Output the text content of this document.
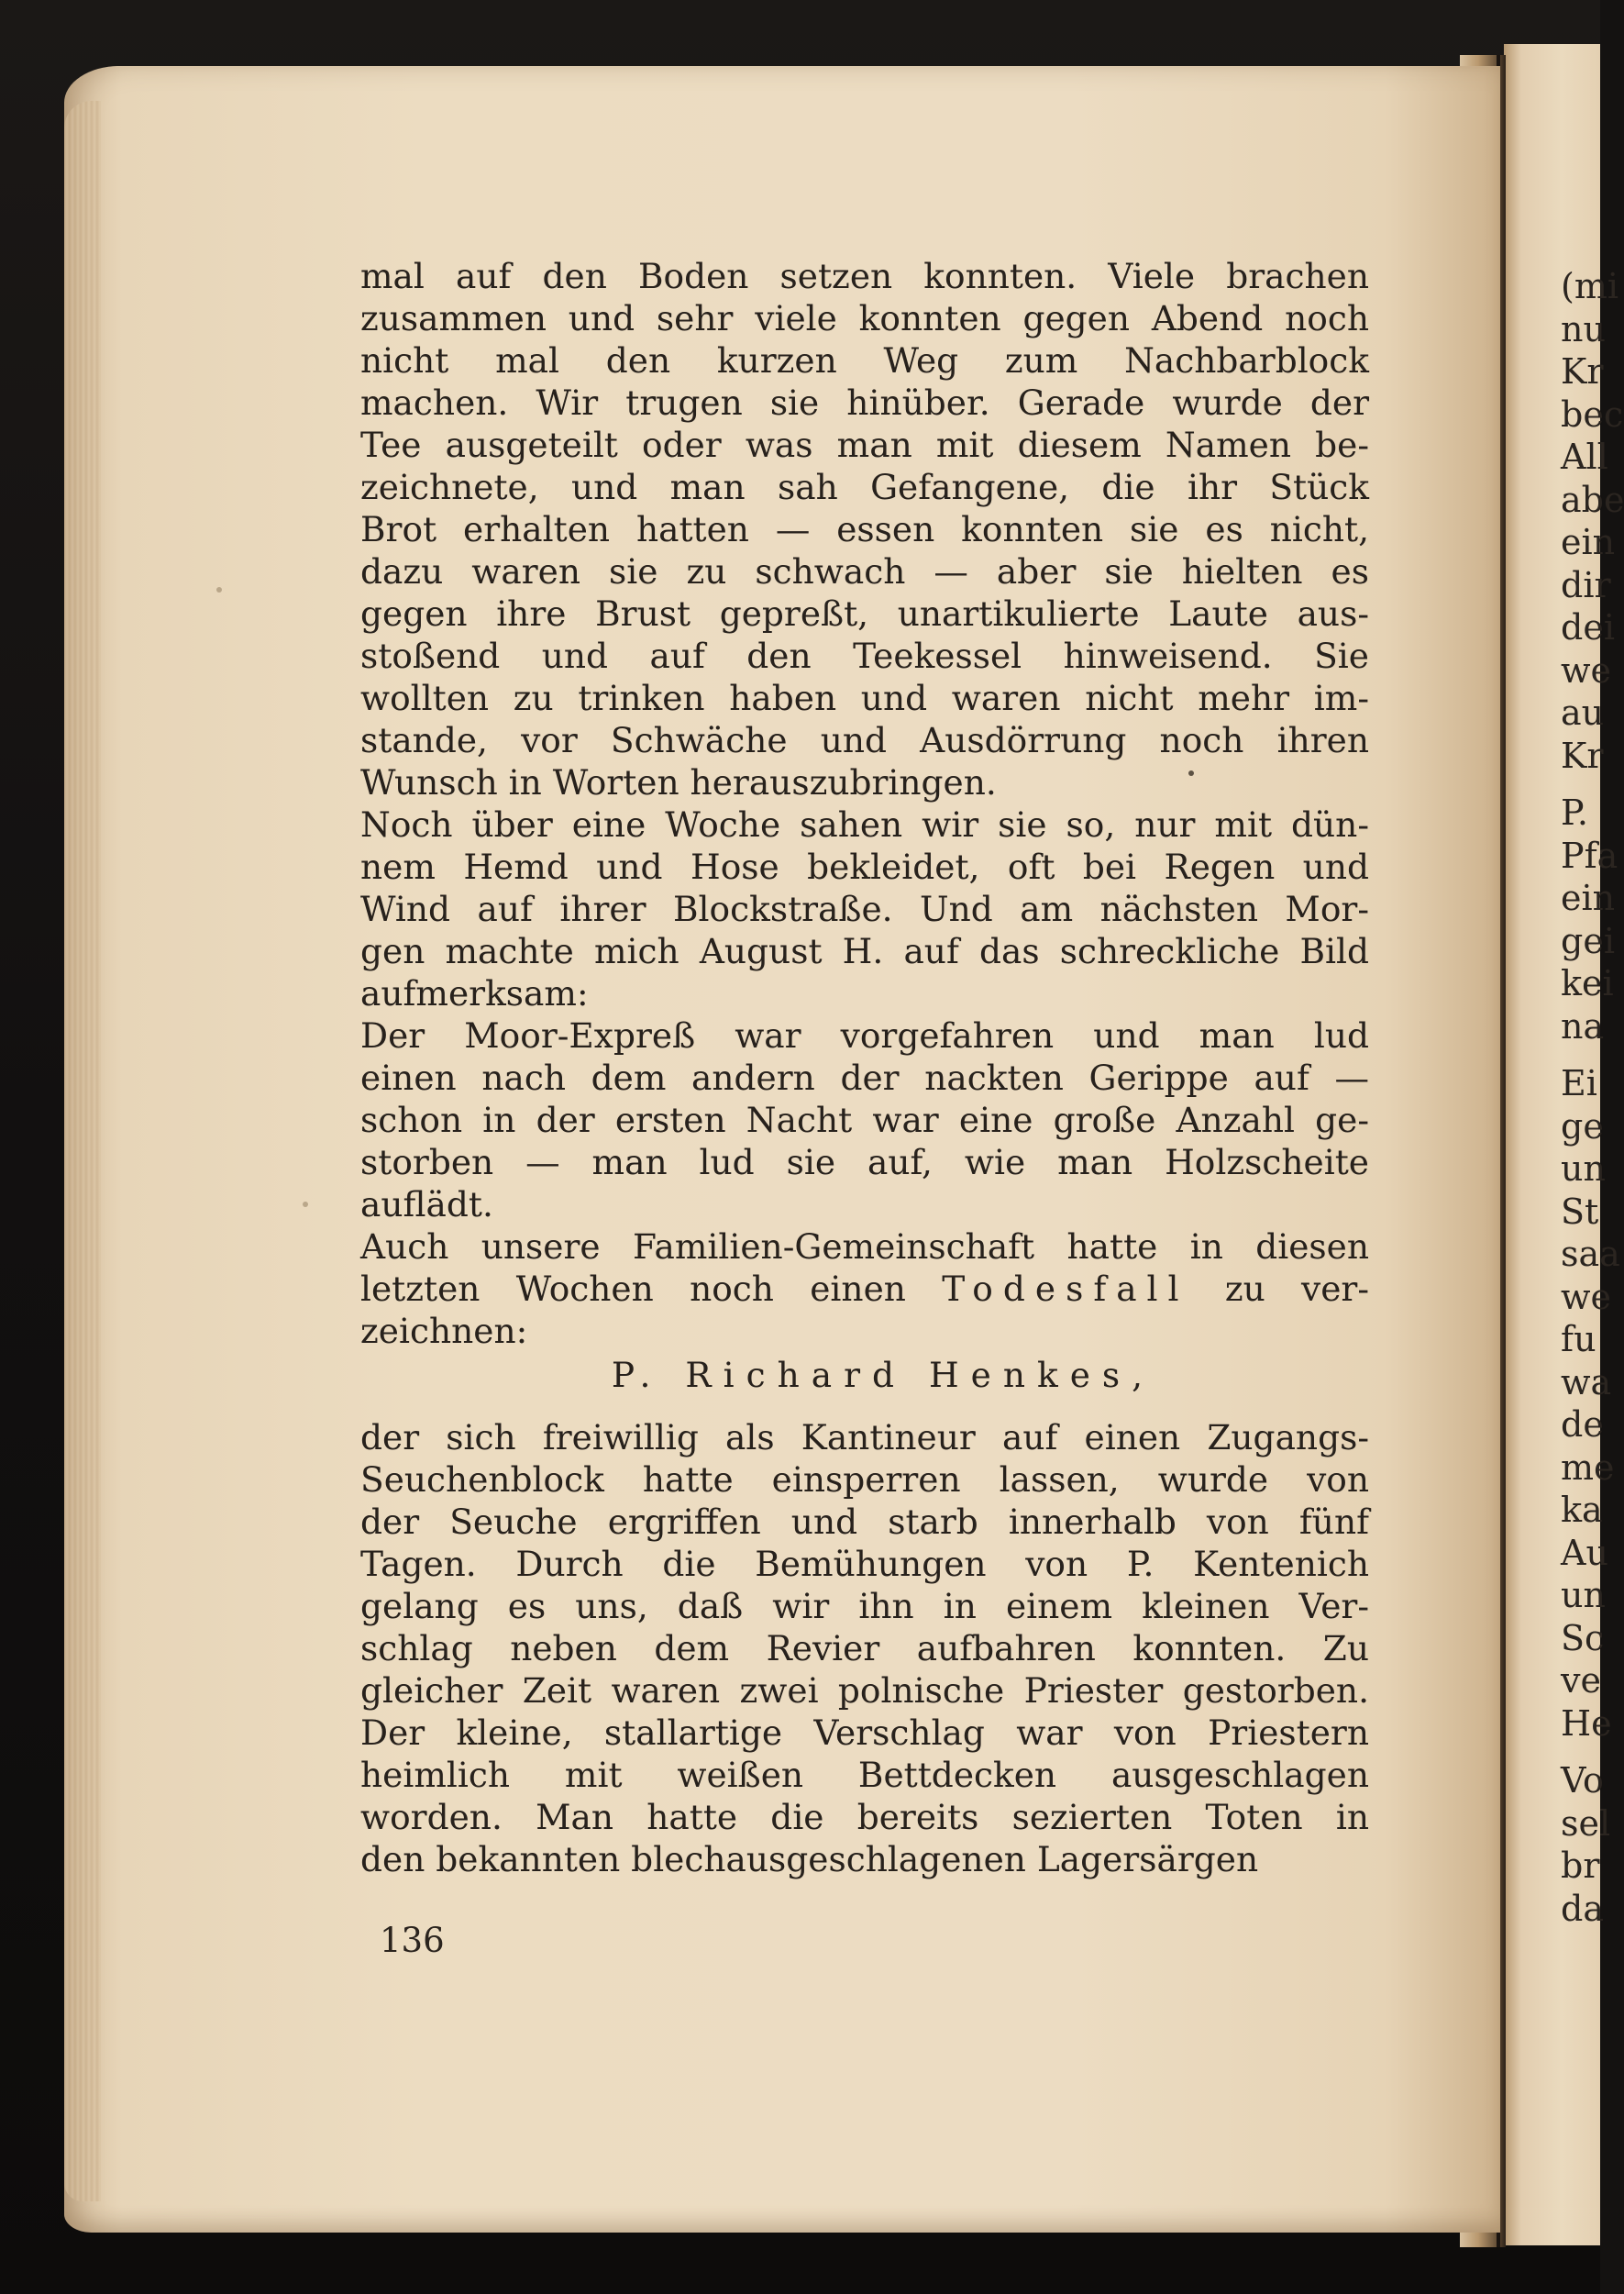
(mi
nu
Kr
bec
All
abe
ein
dir
dei
we
au
Kr
P.
Pfa
ein
gei
kei
na
Ei
ge
un
St
saa
we
fu
wa
de
me
ka
Au
un
Sc
ve
He
Vo
sel
br
da
mal auf den Boden setzen konnten. Viele brachen
zusammen und sehr viele konnten gegen Abend noch
nicht mal den kurzen Weg zum Nachbarblock
machen. Wir trugen sie hinüber. Gerade wurde der
Tee ausgeteilt oder was man mit diesem Namen be-
zeichnete, und man sah Gefangene, die ihr Stück
Brot erhalten hatten — essen konnten sie es nicht,
dazu waren sie zu schwach — aber sie hielten es
gegen ihre Brust gepreßt, unartikulierte Laute aus-
stoßend und auf den Teekessel hinweisend. Sie
wollten zu trinken haben und waren nicht mehr im-
stande, vor Schwäche und Ausdörrung noch ihren
Wunsch in Worten herauszubringen.
Noch über eine Woche sahen wir sie so, nur mit dün-
nem Hemd und Hose bekleidet, oft bei Regen und
Wind auf ihrer Blockstraße. Und am nächsten Mor-
gen machte mich August H. auf das schreckliche Bild
aufmerksam:
Der Moor-Expreß war vorgefahren und man lud
einen nach dem andern der nackten Gerippe auf —
schon in der ersten Nacht war eine große Anzahl ge-
storben — man lud sie auf, wie man Holzscheite
auflädt.
Auch unsere Familien-Gemeinschaft hatte in diesen
letzten Wochen noch einen Todesfall zu ver-
zeichnen:
P. Richard Henkes,
der sich freiwillig als Kantineur auf einen Zugangs-
Seuchenblock hatte einsperren lassen, wurde von
der Seuche ergriffen und starb innerhalb von fünf
Tagen. Durch die Bemühungen von P. Kentenich
gelang es uns, daß wir ihn in einem kleinen Ver-
schlag neben dem Revier aufbahren konnten. Zu
gleicher Zeit waren zwei polnische Priester gestorben.
Der kleine, stallartige Verschlag war von Priestern
heimlich mit weißen Bettdecken ausgeschlagen
worden. Man hatte die bereits sezierten Toten in
den bekannten blechausgeschlagenen Lagersärgen
136
